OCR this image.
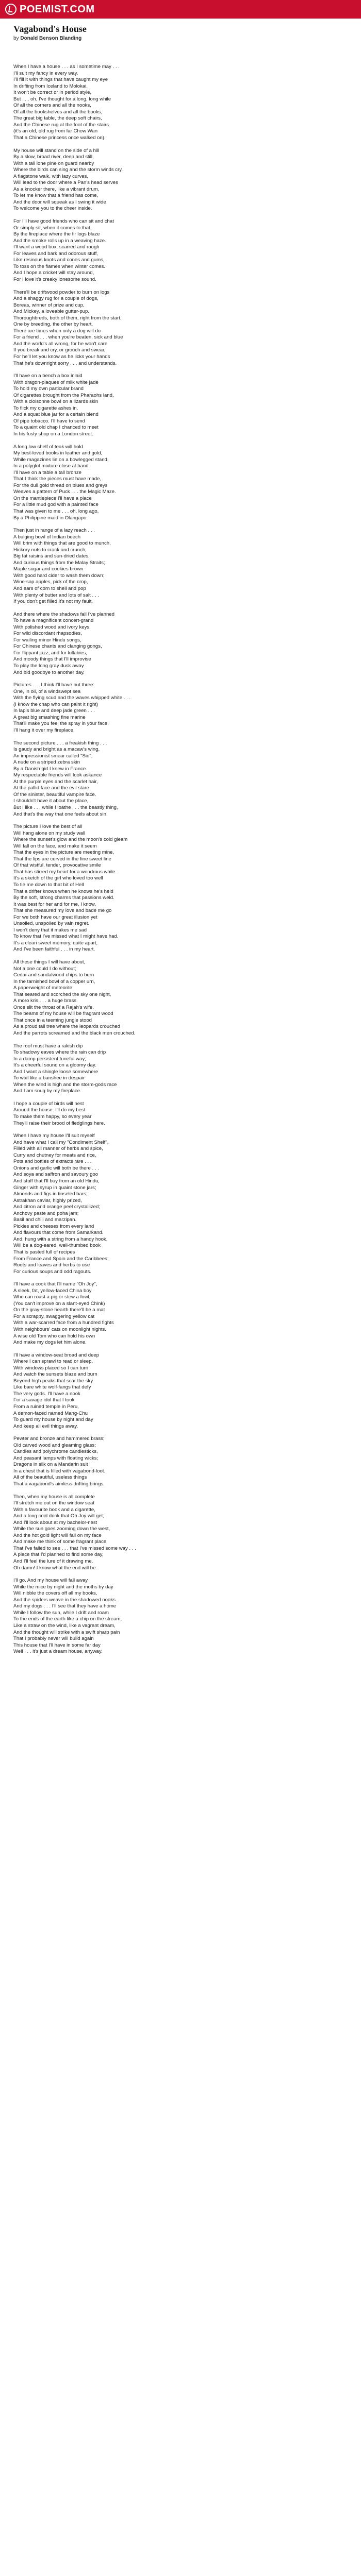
POEMIST.COM
Vagabond's House
by Donald Benson Blanding
When I have a house . . . as I sometime may . . .
I'll suit my fancy in every way.
I'll fill it with things that have caught my eye
In drifting from Iceland to Molokai.
It won't be correct or in period style,
But . . . oh, I've thought for a long, long while
Of all the corners and all the nooks,
Of all the bookshelves and all the books,
The great big table, the deep soft chairs,
And the Chinese rug at the foot of the stairs
(it's an old, old rug from far Chow Wan
That a Chinese princess once walked on).
My house will stand on the side of a hill
By a slow, broad river, deep and still,
With a tall lone pine on guard nearby
Where the birds can sing and the storm winds cry.
A flagstone walk, with lazy curves,
Will lead to the door where a Pan's head serves
As a knocker there, like a vibrant drum,
To let me know that a friend has come,
And the door will squeak as I swing it wide
To welcome you to the cheer inside.
For I'll have good friends who can sit and chat
Or simply sit, when it comes to that,
By the fireplace where the fir logs blaze
And the smoke rolls up in a weaving haze.
I'll want a wood box, scarred and rough
For leaves and bark and odorous stuff,
Like resinous knots and cones and gums,
To toss on the flames when winter comes.
And I hope a cricket will stay around,
For I love it's creaky lonesome sound.
There'll be driftwood powder to burn on logs
And a shaggy rug for a couple of dogs,
Boreas, winner of prize and cup,
And Mickey, a loveable gutter-pup.
Thoroughbreds, both of them, right from the start,
One by breeding, the other by heart.
There are times when only a dog will do
For a friend . . . when you're beaten, sick and blue
And the world's all wrong, for he won't care
If you break and cry, or grouch and swear,
For he'll let you know as he licks your hands
That he's downright sorry . . . and understands.
I'll have on a bench a box inlaid
With dragon-plaques of milk white jade
To hold my own particular brand
Of cigarettes brought from the Pharaohs land,
With a cloisonne bowl on a lizards skin
To flick my cigarette ashes in.
And a squat blue jar for a certain blend
Of pipe tobacco. I'll have to send
To a quaint old chap I chanced to meet
In his fusty shop on a London street.
A long low shelf of teak will hold
My best-loved books in leather and gold,
While magazines lie on a bowlegged stand,
In a polyglot mixture close at hand.
I'll have on a table a tall bronze
That I think the pieces must have made,
For the dull gold thread on blues and greys
Weaves a pattern of Puck . . . the Magic Maze.
On the mantlepiece I'll have a place
For a little mud god with a painted face
That was given to me . . . oh, long ago,
By a Philippine maid in Olangapo.
Then just in range of a lazy reach . . .
A bulging bowl of Indian beech
Will brim with things that are good to munch,
Hickory nuts to crack and crunch;
Big fat raisins and sun-dried dates,
And curious things from the Malay Straits;
Maple sugar and cookies brown
With good hard cider to wash them down;
Wine-sap apples, pick of the crop,
And ears of corn to shell and pop
With plenty of butter and lots of salt . . .
If you don't get filled it's not my fault.
And there where the shadows fall I've planned
To have a magnificent concert-grand
With polished wood and ivory keys,
For wild discordant rhapsodies,
For wailing minor Hindu songs,
For Chinese chants and clanging gongs,
For flippant jazz, and for lullabies,
And moody things that I'll improvise
To play the long gray dusk away
And bid goodbye to another day.
Pictures . . . I think I'll have but three:
One, in oil, of a windswept sea
With the flying scud and the waves whipped white . . .
(I know the chap who can paint it right)
In lapis blue and deep jade green . . .
A great big smashing fine marine
That'll make you feel the spray in your face.
I'll hang it over my fireplace.
The second picture . . . a freakish thing . . .
Is gaudy and bright as a macaw's wing,
An impressionist smear called "Sin",
A nude on a striped zebra skin
By a Danish girl I knew in France.
My respectable friends will look askance
At the purple eyes and the scarlet hair,
At the pallid face and the evil stare
Of the sinister, beautiful vampire face.
I shouldn't have it about the place,
But I like . . . while I loathe . . . the beastly thing,
And that's the way that one feels about sin.
The picture I love the best of all
Will hang alone on my study wall
Where the sunset's glow and the moon's cold gleam
Will fall on the face, and make it seem
That the eyes in the picture are meeting mine,
That the lips are curved in the fine sweet line
Of that wistful, tender, provocative smile
That has stirred my heart for a wondrous while.
It's a sketch of the girl who loved too well
To tie me down to that bit of Hell
That a drifter knows when he knows he's held
By the soft, strong charms that passions weld.
It was best for her and for me, I know,
That she measured my love and bade me go
For we both have our great illusion yet
Unsoiled, unspoiled by vain regret.
I won't deny that it makes me sad
To know that I've missed what I might have had.
It's a clean sweet memory, quite apart,
And I've been faithful . . . in my heart.
All these things I will have about,
Not a one could I do without;
Cedar and sandalwood chips to burn
In the tarnished bowl of a copper urn,
A paperweight of meteorite
That seared and scorched the sky one night,
A moro kris . . . a huge brass
Once slit the throat of a Rajah's wife.
The beams of my house will be fragrant wood
That once in a teeming jungle stood
As a proud tall tree where the leopards crouched
And the parrots screamed and the black men crouched.
The roof must have a rakish dip
To shadowy eaves where the rain can drip
In a damp persistent tuneful way;
It's a cheerful sound on a gloomy day.
And I want a shingle loose somewhere
To wail like a banshee in despair
When the wind is high and the storm-gods race
And I am snug by my fireplace.
I hope a couple of birds will nest
Around the house. I'll do my best
To make them happy, so every year
They'll raise their brood of fledglings here.
When I have my house I'll suit myself
And have what I call my "Condiment Shelf",
Filled with all manner of herbs and spice,
Curry and chutney for meats and rice,
Pots and bottles of extracts rare . . .
Onions and garlic will both be there . . .
And soya and saffron and savoury goo
And stuff that I'll buy from an old Hindu,
Ginger with syrup in quaint stone jars;
Almonds and figs in tinseled bars;
Astrakhan caviar, highly prized,
And citron and orange peel crystallized;
Anchovy paste and poha jam;
Basil and chili and marzipan.
Pickles and cheeses from every land
And flavours that come from Samarkand.
And, hung with a string from a handy hook,
Will be a dog-eared, well-thumbed book
That is pasted full of recipes
From France and Spain and the Caribbees;
Roots and leaves and herbs to use
For curious soups and odd ragouts.
I'll have a cook that I'll name "Oh Joy",
A sleek, fat, yellow-faced China boy
Who can roast a pig or stew a fowl,
(You can't improve on a slant-eyed Chink)
On the gray-stone hearth there'll be a mat
For a scrappy, swaggering yellow cat
With a war-scarred face from a hundred fights
With neighbours' cats on moonlight nights.
A wise old Tom who can hold his own
And make my dogs let him alone.
I'll have a window-seat broad and deep
Where I can sprawl to read or sleep,
With windows placed so I can turn
And watch the sunsets blaze and burn
Beyond high peaks that scar the sky
Like bare white wolf-fangs that defy
The very gods. I'll have a nook
For a savage idol that I took
From a ruined temple in Peru,
A demon-faced named Mang-Chu
To guard my house by night and day
And keep all evil things away.
Pewter and bronze and hammered brass;
Old carved wood and gleaming glass;
Candles and polychrome candlesticks,
And peasant lamps with floating wicks;
Dragons in silk on a Mandarin suit
In a chest that is filled with vagabond-loot.
All of the beautiful, useless things
That a vagabond's aimless drifting brings.
Then, when my house is all complete
I'll stretch me out on the window seat
With a favourite book and a cigarette,
And a long cool drink that Oh Joy will get;
And I'll look about at my bachelor-nest
While the sun goes zooming down the west,
And the hot gold light will fall on my face
And make me think of some fragrant place
That I've failed to see . . . that I've missed some way . . .
A place that I'd planned to find some day,
And I'll feel the lure of it drawing me.
Oh damn! I know what the end will be:
I'll go. And my house will fall away
While the mice by night and the moths by day
Will nibble the covers off all my books,
And the spiders weave in the shadowed nooks.
And my dogs . . . I'll see that they have a home
While I follow the sun, while I drift and roam
To the ends of the earth like a chip on the stream,
Like a straw on the wind, like a vagrant dream,
And the thought will strike with a swift sharp pain
That I probably never will build again
This house that I'll have in some far day
Well . . . it's just a dream house, anyway.
